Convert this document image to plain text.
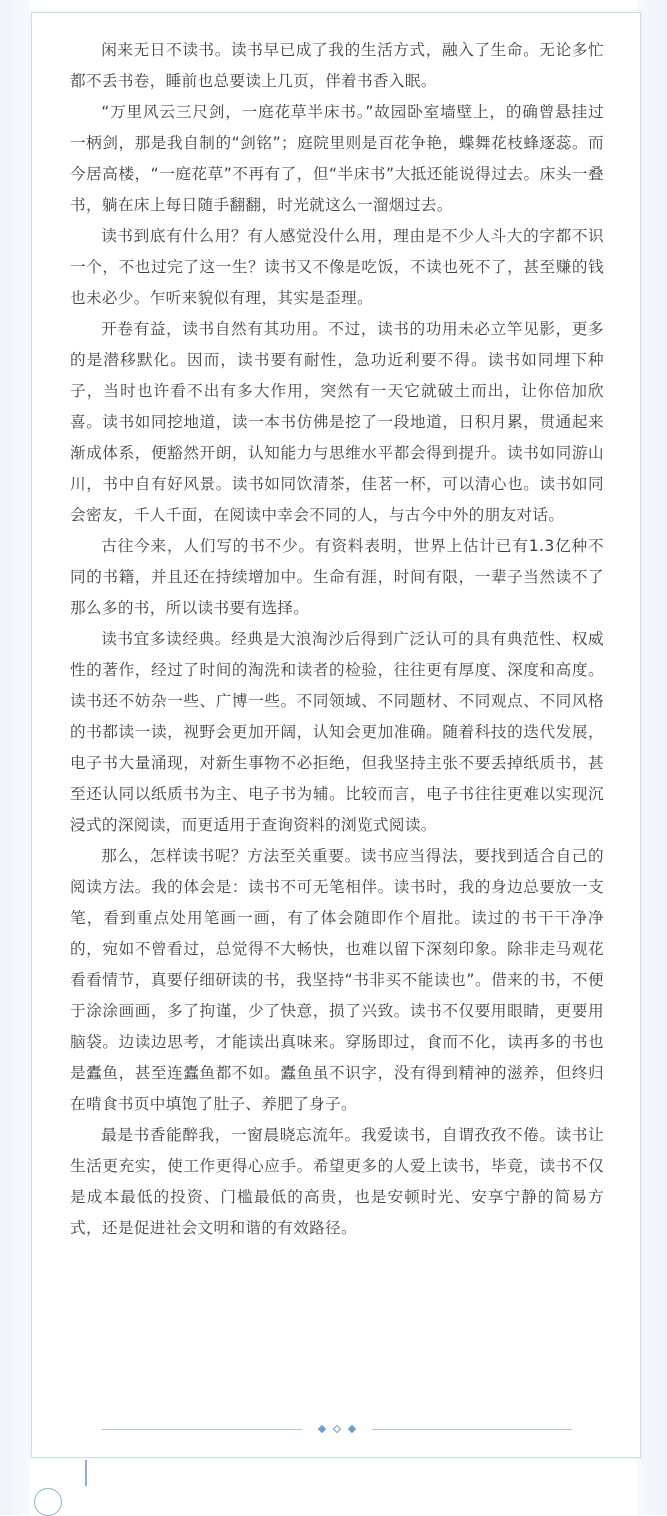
闲来无日不读书。读书早已成了我的生活方式，融入了生命。无论多忙都不丢书卷，睡前也总要读上几页，伴着书香入眠。

“万里风云三尺剑，一庭花草半床书。”故园卧室墙壁上，的确曾悬挂过一柄剑，那是我自制的“剑铭”；庭院里则是百花争艳，蝶舞花枝蜂逐蕊。而今居高楼，“一庭花草”不再有了，但“半床书”大抵还能说得过去。床头一叠书，躺在床上每日随手翻翻，时光就这么一溜烟过去。

读书到底有什么用？有人感觉没什么用，理由是不少人斗大的字都不识一个，不也过完了这一生？读书又不像是吃饭，不读也死不了，甚至赚的钱也未必少。乍听来貌似有理，其实是歪理。

开卷有益，读书自然有其功用。不过，读书的功用未必立竿见影，更多的是潜移默化。因而，读书要有耐性，急功近利要不得。读书如同埋下种子，当时也许看不出有多大作用，突然有一天它就破土而出，让你倍加欣喜。读书如同挖地道，读一本书仿佛是挖了一段地道，日积月累，贯通起来渐成体系，便豁然开朗，认知能力与思维水平都会得到提升。读书如同游山川，书中自有好风景。读书如同饮清茶，佳茗一杯，可以清心也。读书如同会密友，千人千面，在阅读中幸会不同的人，与古今中外的朋友对话。

古往今来，人们写的书不少。有资料表明，世界上估计已有1.3亿种不同的书籍，并且还在持续增加中。生命有涯，时间有限，一辈子当然读不了那么多的书，所以读书要有选择。

读书宜多读经典。经典是大浪淘沙后得到广泛认可的具有典范性、权威性的著作，经过了时间的淘洗和读者的检验，往往更有厚度、深度和高度。读书还不妨杂一些、广博一些。不同领域、不同题材、不同观点、不同风格的书都读一读，视野会更加开阔，认知会更加准确。随着科技的迭代发展，电子书大量涌现，对新生事物不必拒绝，但我坚持主张不要丢掉纸质书，甚至还认同以纸质书为主、电子书为辅。比较而言，电子书往往更难以实现沉浸式的深阅读，而更适用于查询资料的浏览式阅读。

那么，怎样读书呢？方法至关重要。读书应当得法，要找到适合自己的阅读方法。我的体会是：读书不可无笔相伴。读书时，我的身边总要放一支笔，看到重点处用笔画一画，有了体会随即作个眉批。读过的书干干净净的，宛如不曾看过，总觉得不大畅快，也难以留下深刻印象。除非走马观花看看情节，真要仔细研读的书，我坚持“书非买不能读也”。借来的书，不便于涂涂画画，多了拘谨，少了快意，损了兴致。读书不仅要用眼睛，更要用脑袋。边读边思考，才能读出真味来。穿肠即过，食而不化，读再多的书也是蠹鱼，甚至连蠹鱼都不如。蠹鱼虽不识字，没有得到精神的滋养，但终归在啃食书页中填饱了肚子、养肥了身子。

最是书香能醉我，一窗晨晓忘流年。我爱读书，自谓孜孜不倦。读书让生活更充实，使工作更得心应手。希望更多的人爱上读书，毕竟，读书不仅是成本最低的投资、门槛最低的高贵，也是安顿时光、安享宁静的简易方式，还是促进社会文明和谐的有效路径。
